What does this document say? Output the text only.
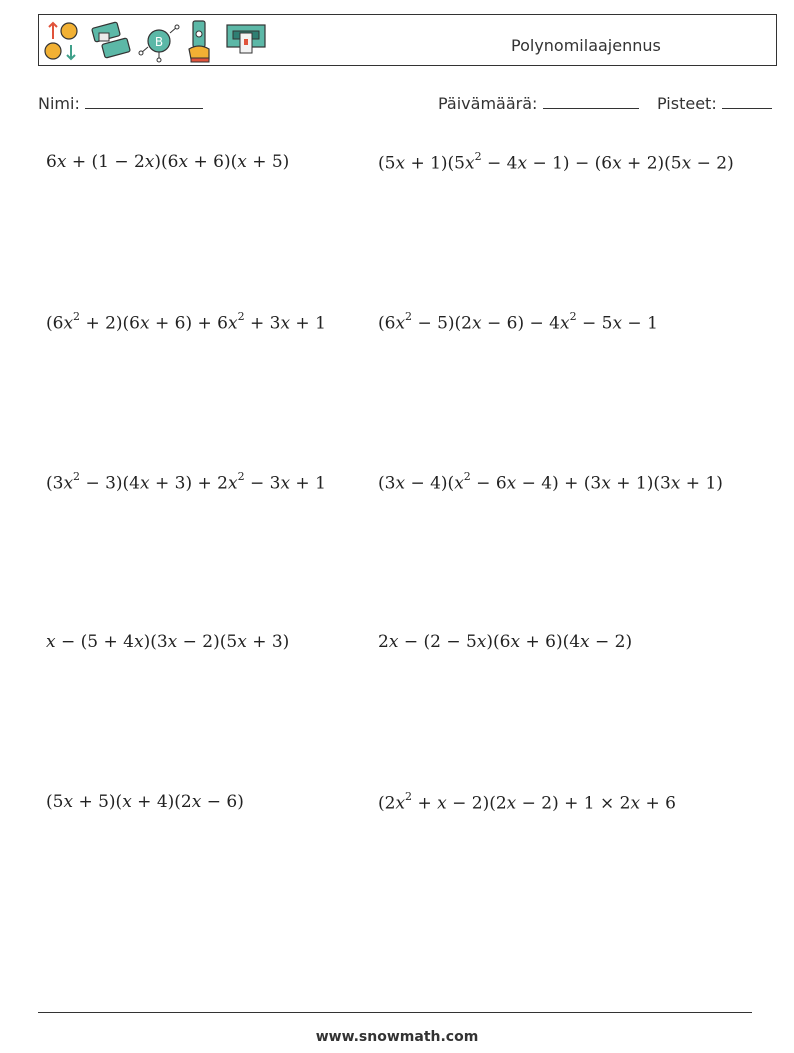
B	Polynomilaajennus
Nimi:	Päivämäärä:	Pisteet:
6x + (1 − 2x)(6x + 6)(x + 5)	$(5x + 1)(5x^2 - 4x - 1) - (6x + 2)(5x - 2)$
$(6x^2 + 2)(6x + 6) + 6x^2 + 3x + 1$	$(6x^2 - 5)(2x - 6) - 4x^2 - 5x - 1$
$(3x^2 - 3)(4x + 3) + 2x^2 - 3x + 1$	$(3x - 4)(x^2 - 6x - 4) + (3x + 1)(3x + 1)$
x − (5 + 4x)(3x − 2)(5x + 3)	2x − (2 − 5x)(6x + 6)(4x − 2)
(5x + 5)(x + 4)(2x − 6)	$(2x^2 + x - 2)(2x - 2) + 1 \times 2x + 6$
www.snowmath.com
